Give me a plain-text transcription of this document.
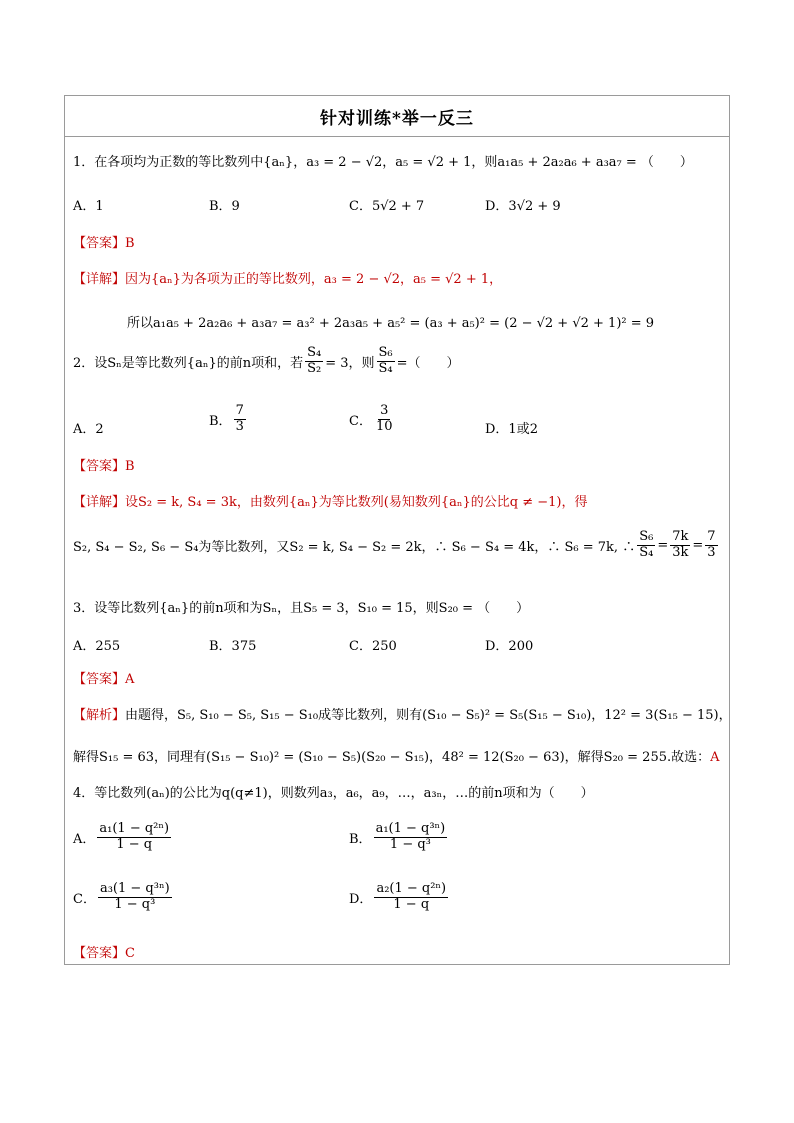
针对训练*举一反三
1．在各项均为正数的等比数列中{aₙ}，a₃ = 2 − √2，a₅ = √2 + 1，则a₁a₅ + 2a₂a₆ + a₃a₇ = （　　）
A．1	B．9	C．5√2 + 7	D．3√2 + 9
【答案】B
【详解】因为{aₙ}为各项为正的等比数列，a₃ = 2 − √2，a₅ = √2 + 1，
所以a₁a₅ + 2a₂a₆ + a₃a₇ = a₃² + 2a₃a₅ + a₅² = (a₃ + a₅)² = (2 − √2 + √2 + 1)² = 9
2．设Sₙ是等比数列{aₙ}的前n项和，若 $\frac{\text{S₄}}{\text{S₂}} = 3$，则 $\frac{\text{S₆}}{\text{S₄}}$ =（　　）
A．2
B． $\frac{7}{3}$	C． $\frac{3}{10}$	D．1或2
【答案】B
【详解】设S₂ = k, S₄ = 3k，由数列{aₙ}为等比数列(易知数列{aₙ}的公比q ≠ −1)，得
S₂, S₄ − S₂, S₆ − S₄为等比数列，又S₂ = k, S₄ − S₂ = 2k，∴ S₆ − S₄ = 4k，∴ S₆ = 7k, ∴ $\frac{\text{S₆}}{\text{S₄}} = \frac{7k}{3k} = \frac{7}{3}$
3．设等比数列{aₙ}的前n项和为Sₙ，且S₅ = 3，S₁₀ = 15，则S₂₀ = （　　）
A．255	B．375	C．250	D．200
【答案】A
【解析】由题得，S₅, S₁₀ − S₅, S₁₅ − S₁₀成等比数列，则有(S₁₀ − S₅)² = S₅(S₁₅ − S₁₀)，12² = 3(S₁₅ − 15)，
解得S₁₅ = 63，同理有(S₁₅ − S₁₀)² = (S₁₀ − S₅)(S₂₀ − S₁₅)，48² = 12(S₂₀ − 63)，解得S₂₀ = 255.故选：A
4．等比数列(aₙ)的公比为q(q≠1)，则数列a₃，a₆，a₉，…，a₃ₙ，…的前n项和为（　　）
A． $\frac{\text{a₁(1 − q²ⁿ)}}{1 - q}$	B． $\frac{\text{a₁(1 − q³ⁿ)}}{\text{1 − q³}}$
C． $\frac{\text{a₃(1 − q³ⁿ)}}{\text{1 − q³}}$	D． $\frac{\text{a₂(1 − q²ⁿ)}}{1 - q}$
【答案】C
